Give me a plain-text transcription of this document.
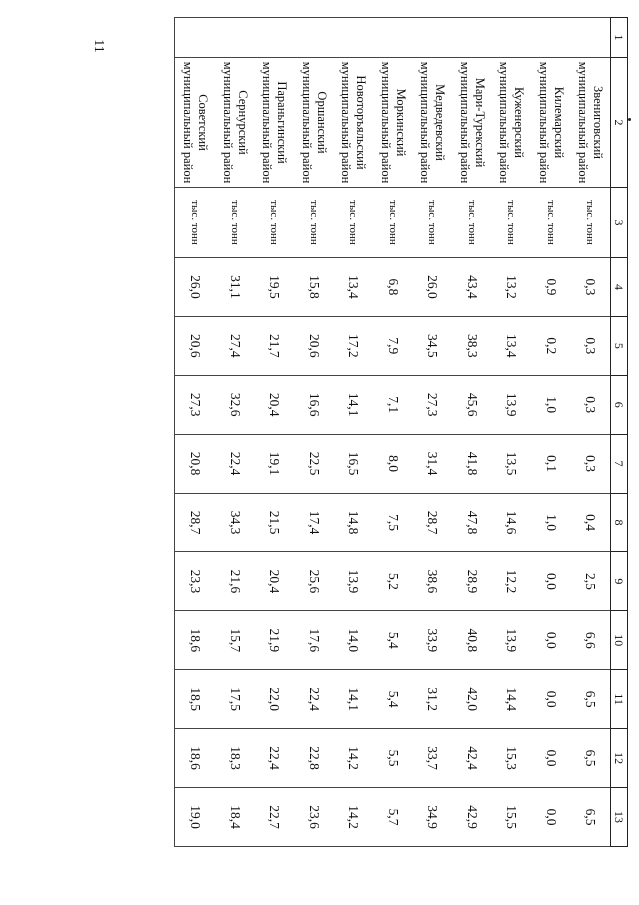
11
1	2	3	4	5	6	7	8	9	10	11	12	13

	Звениговский
муниципальный район	тыс. тонн	0,3	0,3	0,3	0,3	0,4	2,5	6,6	6,5	6,5	6,5

	Килемарский
муниципальный район	тыс. тонн	0,9	0,2	1,0	0,1	1,0	0,0	0,0	0,0	0,0	0,0

	Куженерский
муниципальный район	тыс. тонн	13,2	13,4	13,9	13,5	14,6	12,2	13,9	14,4	15,3	15,5

	Мари-Турекский
муниципальный район	тыс. тонн	43,4	38,3	45,6	41,8	47,8	28,9	40,8	42,0	42,4	42,9

	Медведевский
муниципальный район	тыс. тонн	26,0	34,5	27,3	31,4	28,7	38,6	33,9	31,2	33,7	34,9

	Моркинский
муниципальный район	тыс. тонн	6,8	7,9	7,1	8,0	7,5	5,2	5,4	5,4	5,5	5,7

	Новоторъяльский
муниципальный район	тыс. тонн	13,4	17,2	14,1	16,5	14,8	13,9	14,0	14,1	14,2	14,2

	Оршанский
муниципальный район	тыс. тонн	15,8	20,6	16,6	22,5	17,4	25,6	17,6	22,4	22,8	23,6

	Параньгинский
муниципальный район	тыс. тонн	19,5	21,7	20,4	19,1	21,5	20,4	21,9	22,0	22,4	22,7

	Сернурский
муниципальный район	тыс. тонн	31,1	27,4	32,6	22,4	34,3	21,6	15,7	17,5	18,3	18,4

	Советский
муниципальный район	тыс. тонн	26,0	20,6	27,3	20,8	28,7	23,3	18,6	18,5	18,6	19,0
